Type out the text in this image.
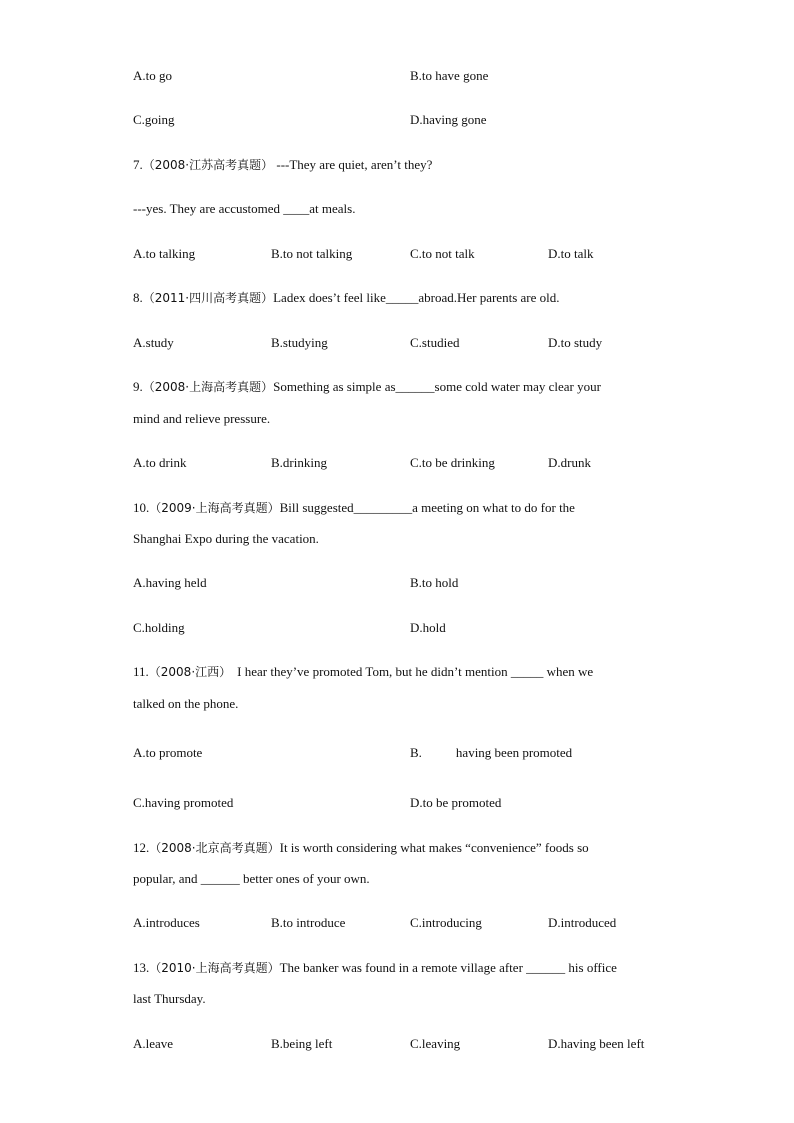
A.to go	B.to have gone
C.going	D.having gone
7.（2008·江苏高考真题） ---They are quiet, aren’t they?
---yes. They are accustomed ____at meals.
A.to talking	B.to not talking	C.to not talk	D.to talk
8.（2011·四川高考真题）Ladex does’t feel like_____abroad.Her parents are old.
A.study	B.studying	C.studied	D.to study
9.（2008·上海高考真题）Something as simple as______some cold water may clear your
mind and relieve pressure.
A.to drink	B.drinking	C.to be drinking	D.drunk
10.（2009·上海高考真题）Bill suggested_________a meeting on what to do for the
Shanghai Expo during the vacation.
A.having held	B.to hold
C.holding	D.hold
11.（2008·江西） I hear they’ve promoted Tom, but he didn’t mention _____ when we
talked on the phone.
A.to promote	B.	having been promoted
C.having promoted	D.to be promoted
12.（2008·北京高考真题）It is worth considering what makes “convenience” foods so
popular, and ______ better ones of your own.
A.introduces	B.to introduce	C.introducing	D.introduced
13.（2010·上海高考真题）The banker was found in a remote village after ______ his office
last Thursday.
A.leave	B.being left	C.leaving	D.having been left
